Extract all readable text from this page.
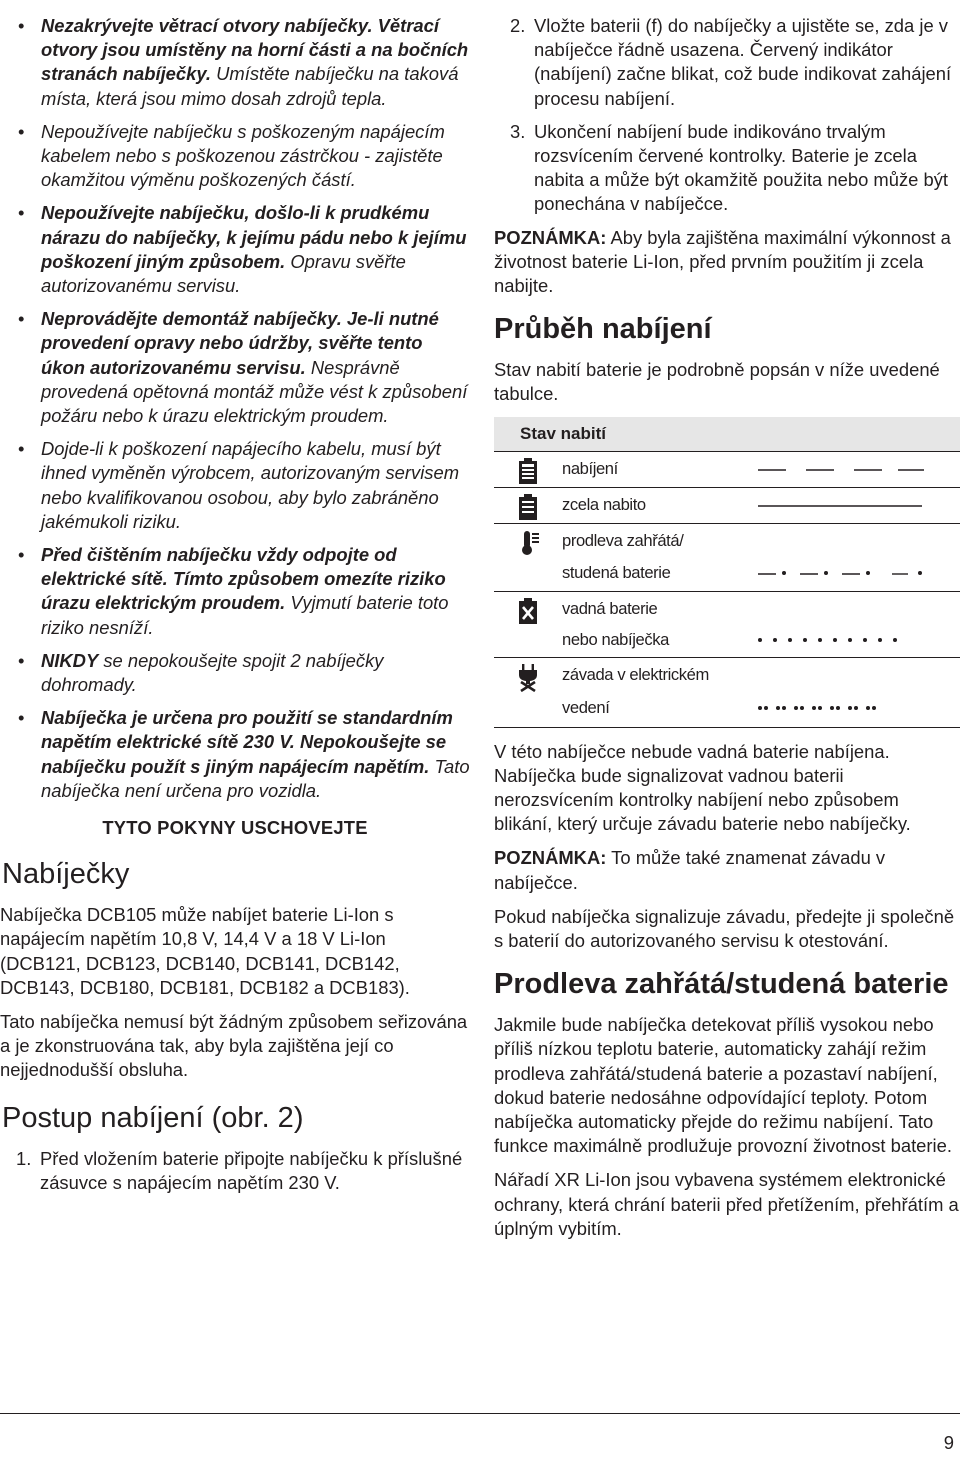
• Nezakrývejte větrací otvory nabíječky. Větrací otvory jsou umístěny na horní části a na bočních stranách nabíječky. Umístěte nabíječku na taková místa, která jsou mimo dosah zdrojů tepla.
• Nepoužívejte nabíječku s poškozeným napájecím kabelem nebo s poškozenou zástrčkou - zajistěte okamžitou výměnu poškozených částí.
• Nepoužívejte nabíječku, došlo-li k prudkému nárazu do nabíječky, k jejímu pádu nebo k jejímu poškození jiným způsobem. Opravu svěřte autorizovanému servisu.
• Neprovádějte demontáž nabíječky. Je-li nutné provedení opravy nebo údržby, svěřte tento úkon autorizovanému servisu. Nesprávně provedená opětovná montáž může vést k způsobení požáru nebo k úrazu elektrickým proudem.
• Dojde-li k poškození napájecího kabelu, musí být ihned vyměněn výrobcem, autorizovaným servisem nebo kvalifikovanou osobou, aby bylo zabráněno jakémukoli riziku.
• Před čištěním nabíječku vždy odpojte od elektrické sítě. Tímto způsobem omezíte riziko úrazu elektrickým proudem. Vyjmutí baterie toto riziko nesníží.
• NIKDY se nepokoušejte spojit 2 nabíječky dohromady.
• Nabíječka je určena pro použití se standardním napětím elektrické sítě 230 V. Nepokoušejte se nabíječku použít s jiným napájecím napětím. Tato nabíječka není určena pro vozidla.
TYTO POKYNY USCHOVEJTE
Nabíječky

Nabíječka DCB105 může nabíjet baterie Li-Ion s napájecím napětím 10,8 V, 14,4 V a 18 V Li-Ion (DCB121, DCB123, DCB140, DCB141, DCB142, DCB143, DCB180, DCB181, DCB182 a DCB183).

Tato nabíječka nemusí být žádným způsobem seřizována a je zkonstruována tak, aby byla zajištěna její co nejjednodušší obsluha.

Postup nabíjení (obr. 2)
1. Před vložením baterie připojte nabíječku k příslušné zásuvce s napájecím napětím 230 V.
2. Vložte baterii (f) do nabíječky a ujistěte se, zda je v nabíječce řádně usazena. Červený indikátor (nabíjení) začne blikat, což bude indikovat zahájení procesu nabíjení.
3. Ukončení nabíjení bude indikováno trvalým rozsvícením červené kontrolky. Baterie je zcela nabita a může být okamžitě použita nebo může být ponechána v nabíječce.

POZNÁMKA: Aby byla zajištěna maximální výkonnost a životnost baterie Li-Ion, před prvním použitím ji zcela nabijte.

Průběh nabíjení

Stav nabití baterie je podrobně popsán v níže uvedené tabulce.

Stav nabití
nabíjení
zcela nabito
prodleva zahřátá/
studená baterie
vadná baterie
nebo nabíječka
závada v elektrickém
vedení

V této nabíječce nebude vadná baterie nabíjena. Nabíječka bude signalizovat vadnou baterii nerozsvícením kontrolky nabíjení nebo způsobem blikání, který určuje závadu baterie nebo nabíječky.

POZNÁMKA: To může také znamenat závadu v nabíječce.

Pokud nabíječka signalizuje závadu, předejte ji společně s baterií do autorizovaného servisu k otestování.

Prodleva zahřátá/studená baterie

Jakmile bude nabíječka detekovat příliš vysokou nebo příliš nízkou teplotu baterie, automaticky zahájí režim prodleva zahřátá/studená baterie a pozastaví nabíjení, dokud baterie nedosáhne odpovídající teploty. Potom nabíječka automaticky přejde do režimu nabíjení. Tato funkce maximálně prodlužuje provozní životnost baterie.

Nářadí XR Li-Ion jsou vybavena systémem elektronické ochrany, která chrání baterii před přetížením, přehřátím a úplným vybitím.

9
